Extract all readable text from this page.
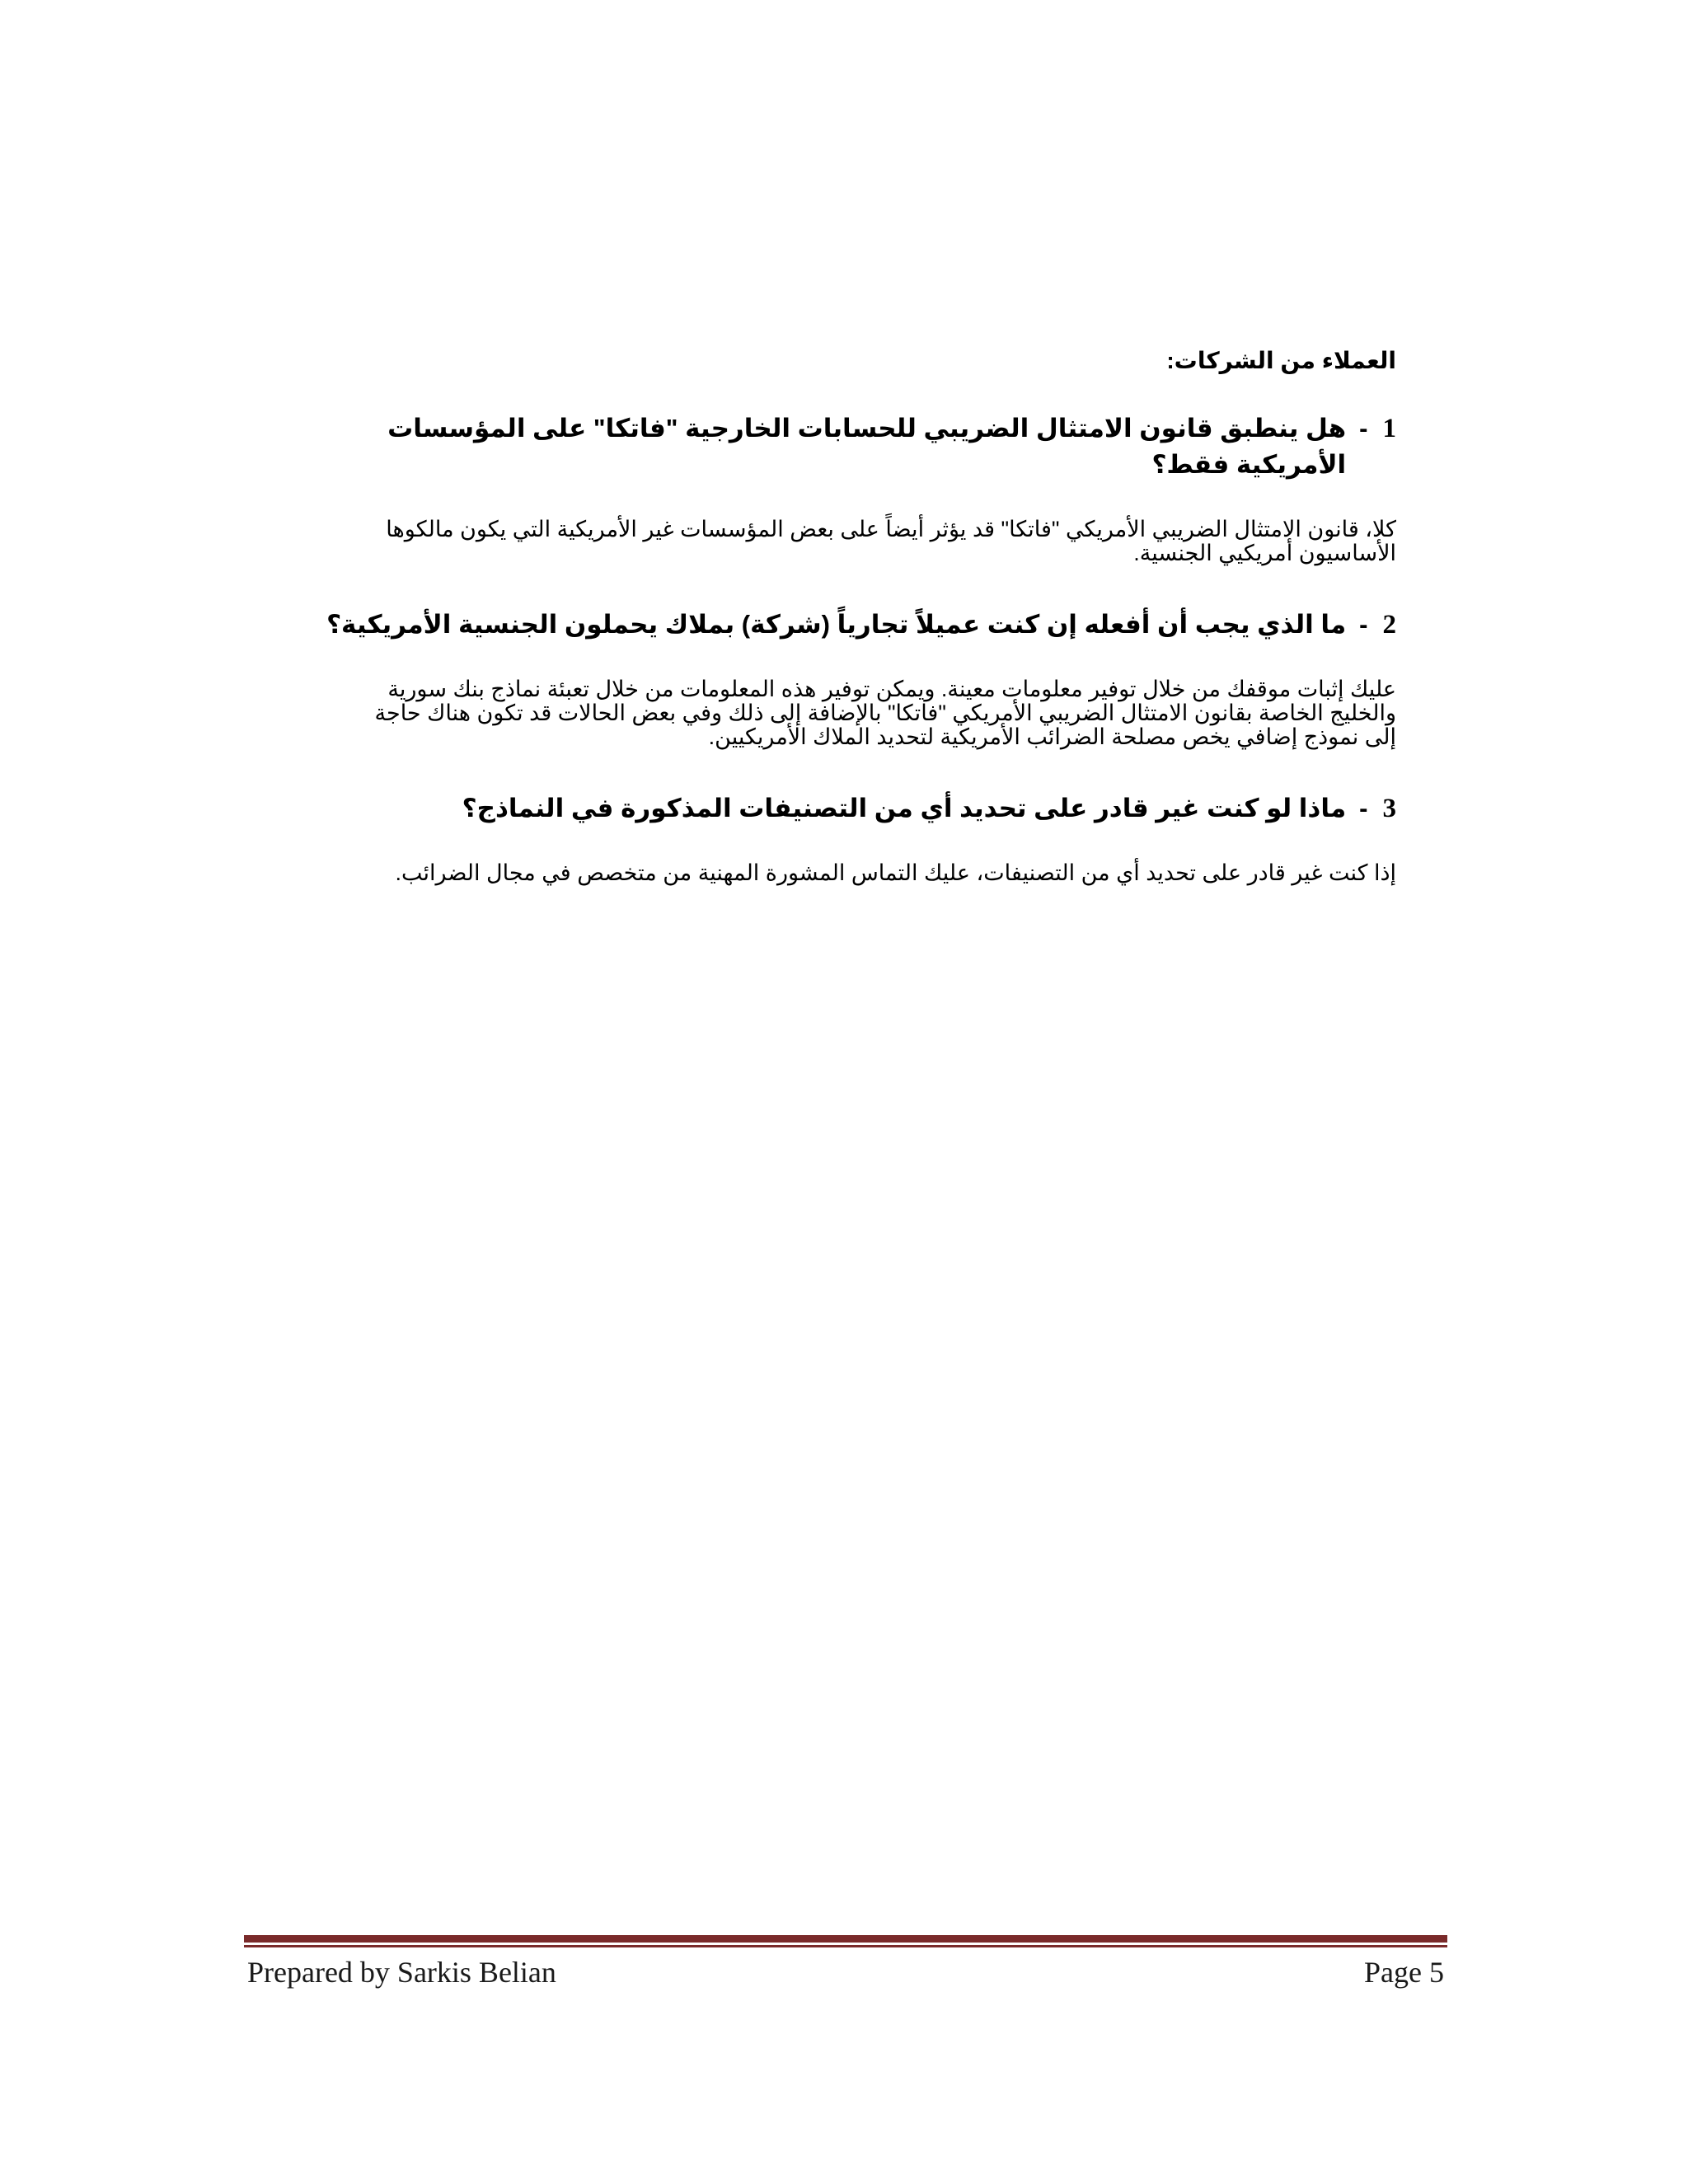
العملاء من الشركات:
1
-
هل ينطبق قانون الامتثال الضريبي للحسابات الخارجية "فاتكا" على المؤسسات الأمريكية فقط؟
كلا، قانون الامتثال الضريبي الأمريكي "فاتكا" قد يؤثر أيضاً على بعض المؤسسات غير الأمريكية التي يكون مالكوها
الأساسيون أمريكيي الجنسية.
2
-
ما الذي يجب أن أفعله إن كنت عميلاً تجارياً (شركة) بملاك يحملون الجنسية الأمريكية؟
عليك إثبات موقفك من خلال توفير معلومات معينة. ويمكن توفير هذه المعلومات من خلال تعبئة نماذج بنك سورية
والخليج الخاصة بقانون الامتثال الضريبي الأمريكي "فاتكا" بالإضافة إلى ذلك وفي بعض الحالات قد تكون هناك حاجة
إلى نموذج إضافي يخص مصلحة الضرائب الأمريكية لتحديد الملاك الأمريكيين.
3
-
ماذا لو كنت غير قادر على تحديد أي من التصنيفات المذكورة في النماذج؟
إذا كنت غير قادر على تحديد أي من التصنيفات، عليك التماس المشورة المهنية من متخصص في مجال الضرائب.
Prepared by Sarkis Belian	Page 5
